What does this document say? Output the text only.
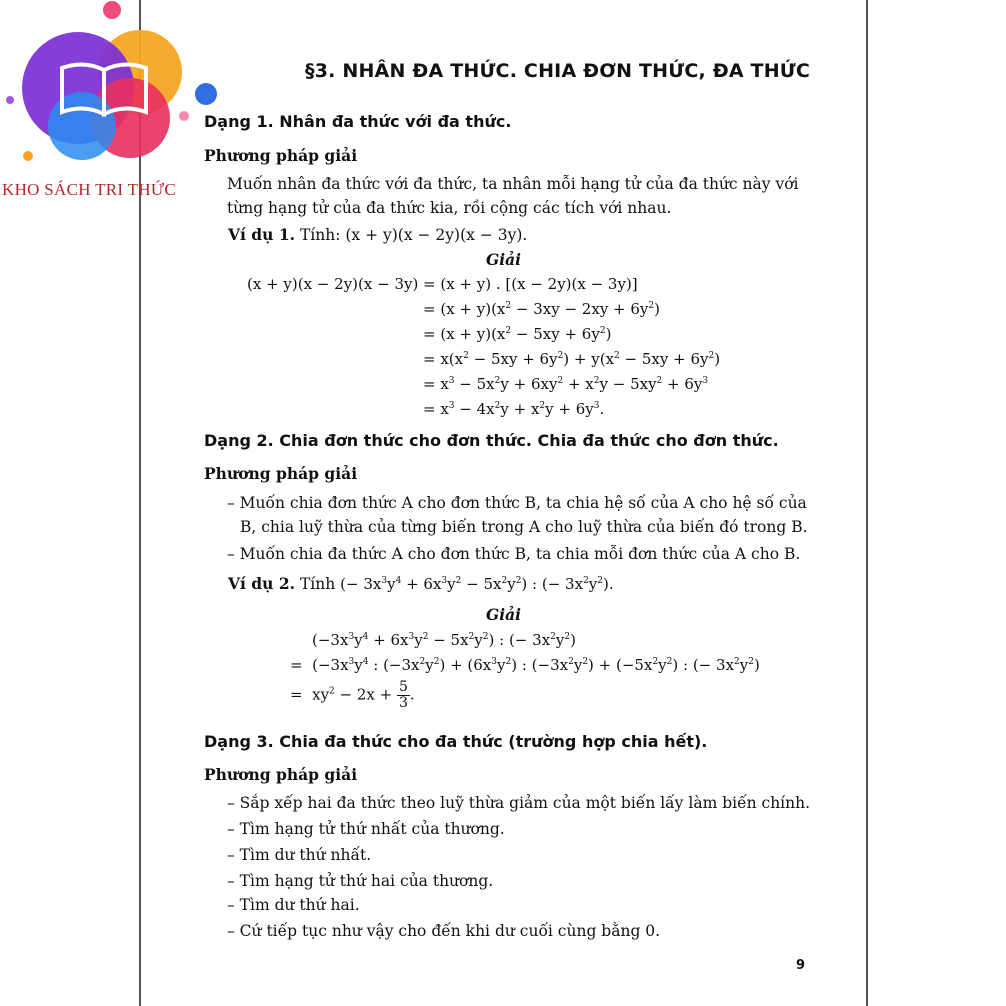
KHO SÁCH TRI THỨC
§3. NHÂN ĐA THỨC. CHIA ĐƠN THỨC, ĐA THỨC
Dạng 1. Nhân đa thức với đa thức.
Phương pháp giải
Muốn nhân đa thức với đa thức, ta nhân mỗi hạng tử của đa thức này với
từng hạng tử của đa thức kia, rồi cộng các tích với nhau.
Ví dụ 1. Tính: (x + y)(x − 2y)(x − 3y).
Giải
(x + y)(x − 2y)(x − 3y) = (x + y) . [(x − 2y)(x − 3y)]
= $(x + y)(x^2 - 3xy - 2xy + 6y^2)$
= $(x + y)(x^2 - 5xy + 6y^2)$
= $x(x^2 - 5xy + 6y^2) + y(x^2 - 5xy + 6y^2)$
= $x^3 - 5x^2y + 6xy^2 + x^2y - 5xy^2 + 6y^3$
= $x^3 - 4x^2y + x^2y + 6y^3$.
Dạng 2. Chia đơn thức cho đơn thức. Chia đa thức cho đơn thức.
Phương pháp giải
– Muốn chia đơn thức A cho đơn thức B, ta chia hệ số của A cho hệ số của
B, chia luỹ thừa của từng biến trong A cho luỹ thừa của biến đó trong B.
– Muốn chia đa thức A cho đơn thức B, ta chia mỗi đơn thức của A cho B.
Ví dụ 2. Tính (− $3x^3y^4 + 6x^3y^2 - 5x^2y^2$) : (− $3x^2y^2$).
Giải
$(-3x^3y^4 + 6x^3y^2 - 5x^2y^2)$ : (− $3x^2y^2$)
=  ($-3x^3y^4$ : $(-3x^2y^2) + (6x^3y^2)$ : $(-3x^2y^2) + (-5x^2y^2)$ : (− $3x^2y^2$)
=  $xy^2 - 2x + \frac{5}{3}$ .
Dạng 3. Chia đa thức cho đa thức (trường hợp chia hết).
Phương pháp giải
– Sắp xếp hai đa thức theo luỹ thừa giảm của một biến lấy làm biến chính.
– Tìm hạng tử thứ nhất của thương.
– Tìm dư thứ nhất.
– Tìm hạng tử thứ hai của thương.
– Tìm dư thứ hai.
– Cứ tiếp tục như vậy cho đến khi dư cuối cùng bằng 0.
9
